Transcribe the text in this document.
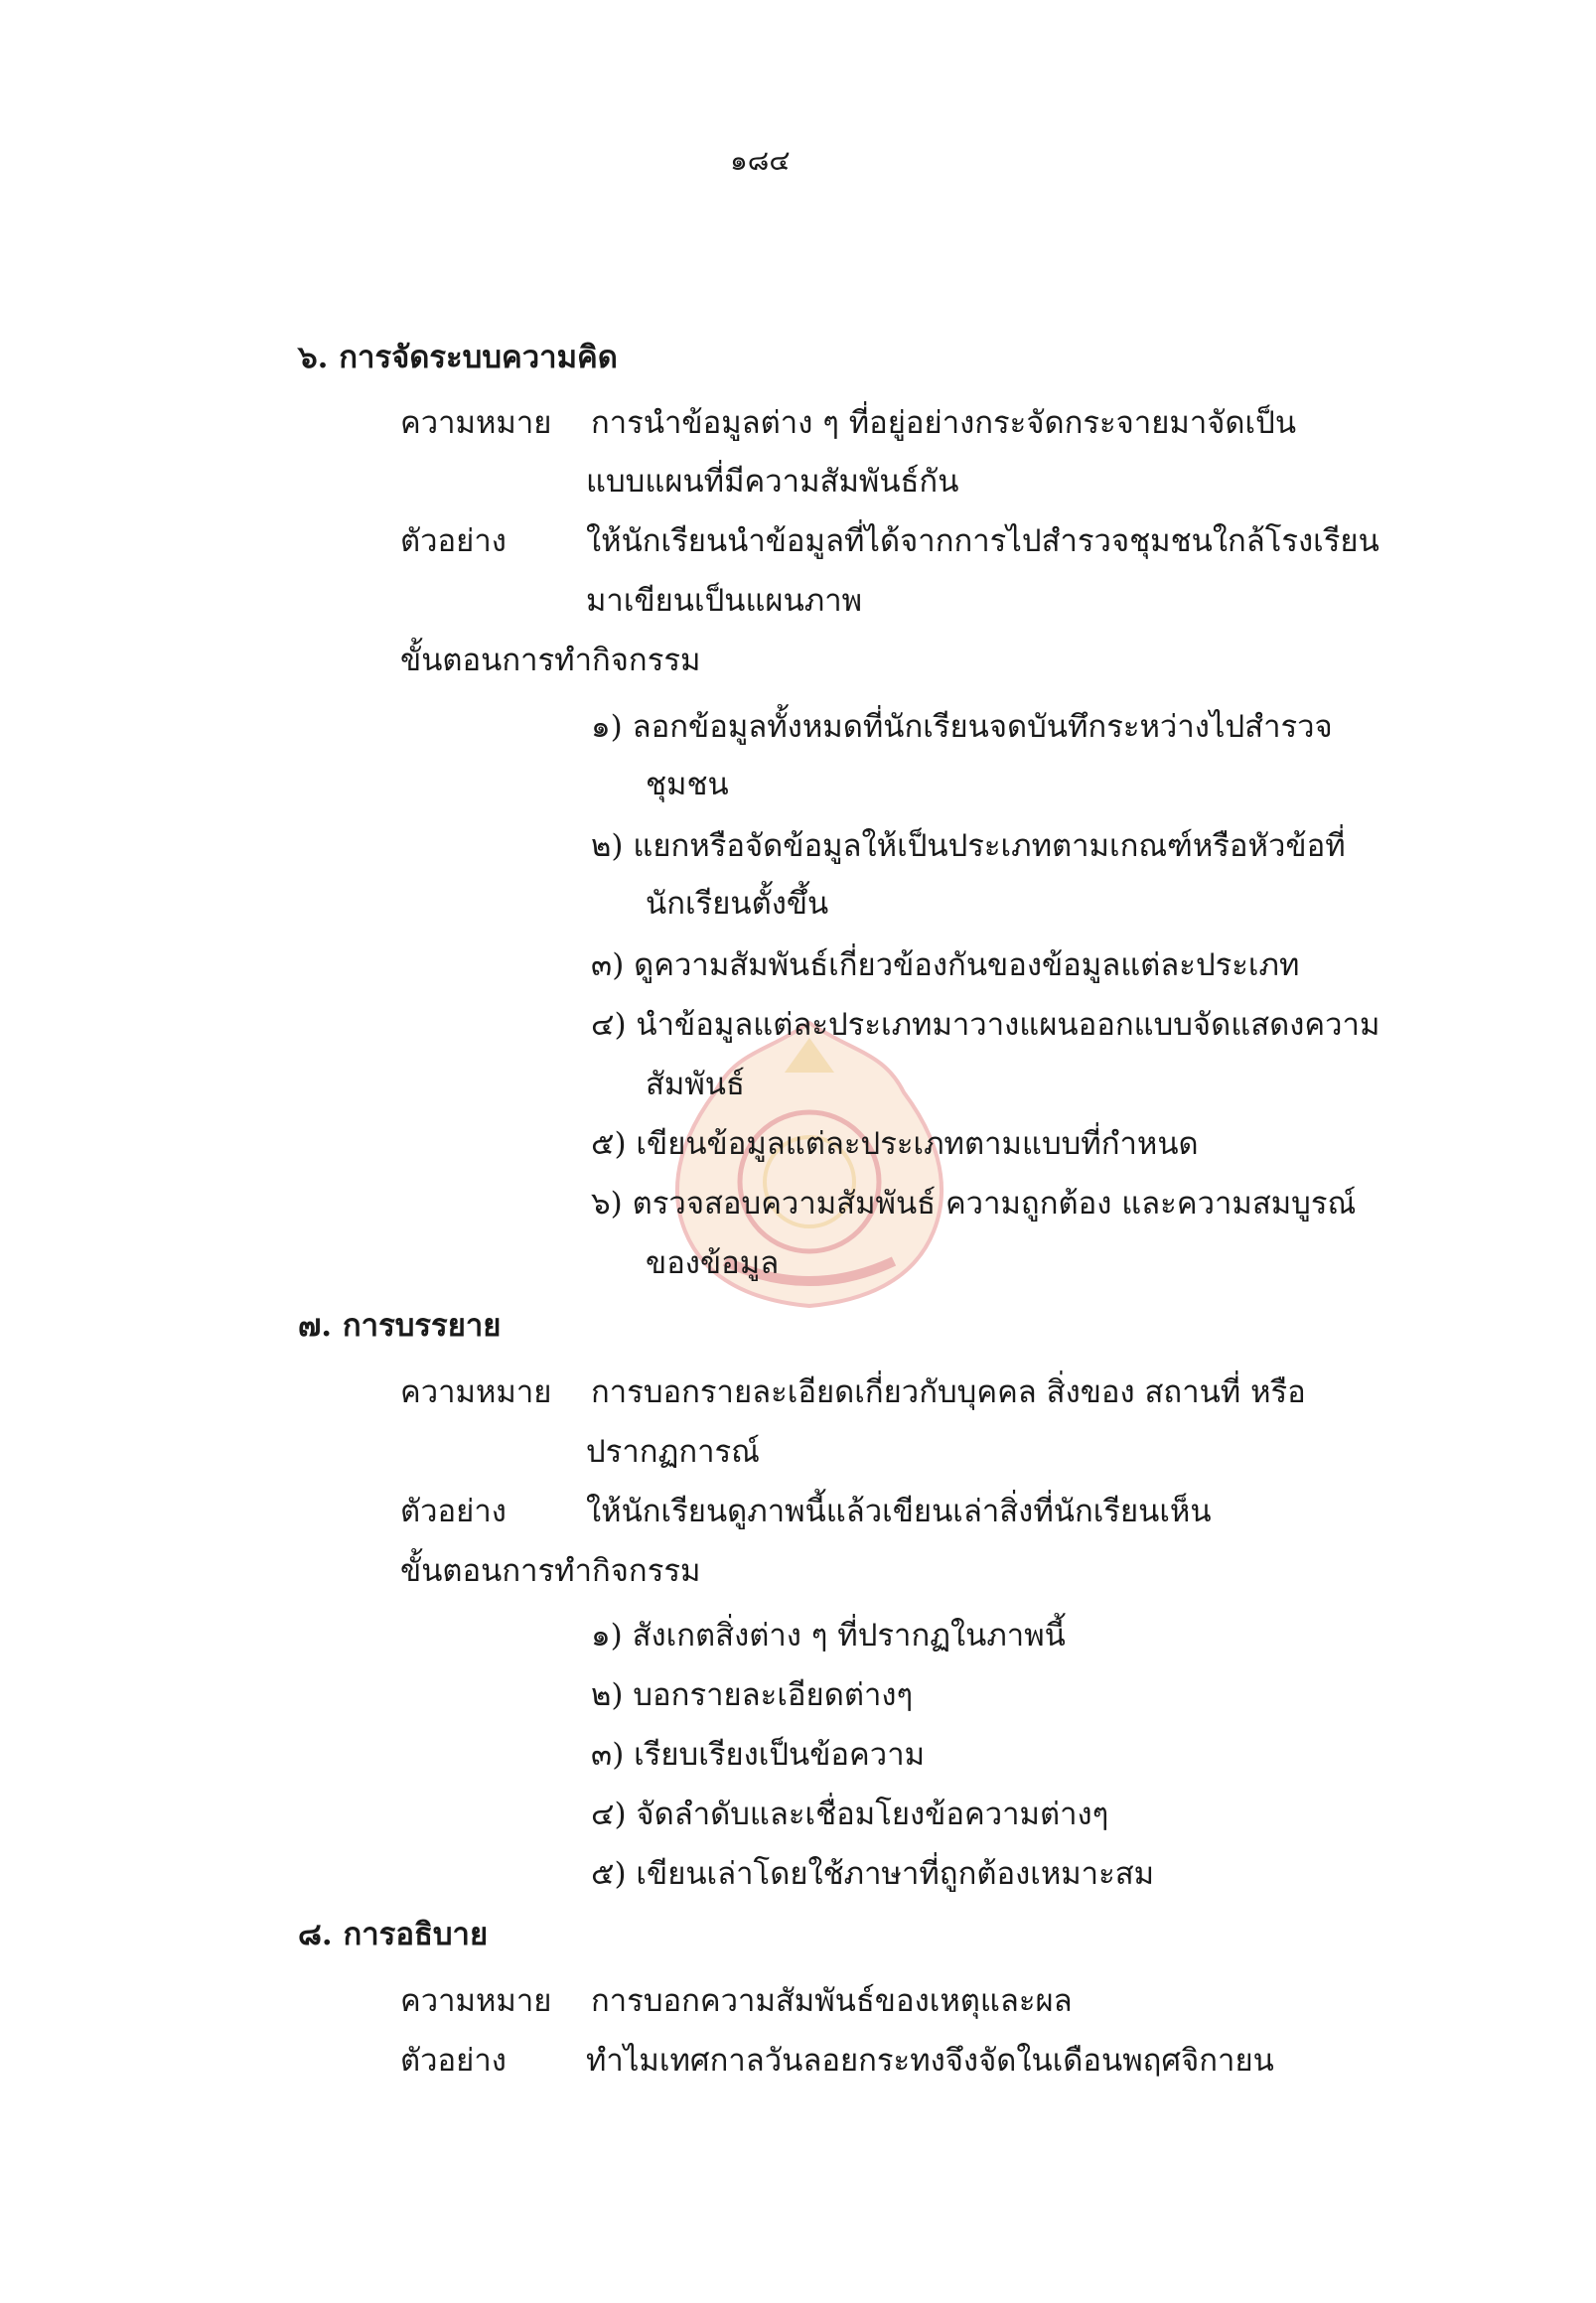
๑๘๔
๖. การจัดระบบความคิด
ความหมาย การนำข้อมูลต่าง ๆ ที่อยู่อย่างกระจัดกระจายมาจัดเป็น
แบบแผนที่มีความสัมพันธ์กัน
ตัวอย่าง	ให้นักเรียนนำข้อมูลที่ได้จากการไปสำรวจชุมชนใกล้โรงเรียน
มาเขียนเป็นแผนภาพ
ขั้นตอนการทำกิจกรรม
๑) ลอกข้อมูลทั้งหมดที่นักเรียนจดบันทึกระหว่างไปสำรวจ
ชุมชน
๒) แยกหรือจัดข้อมูลให้เป็นประเภทตามเกณฑ์หรือหัวข้อที่
นักเรียนตั้งขึ้น
๓) ดูความสัมพันธ์เกี่ยวข้องกันของข้อมูลแต่ละประเภท
๔) นำข้อมูลแต่ละประเภทมาวางแผนออกแบบจัดแสดงความ
สัมพันธ์
๕) เขียนข้อมูลแต่ละประเภทตามแบบที่กำหนด
๖) ตรวจสอบความสัมพันธ์ ความถูกต้อง และความสมบูรณ์
ของข้อมูล
๗. การบรรยาย
ความหมาย การบอกรายละเอียดเกี่ยวกับบุคคล สิ่งของ สถานที่ หรือ
ปรากฏการณ์
ตัวอย่าง	ให้นักเรียนดูภาพนี้แล้วเขียนเล่าสิ่งที่นักเรียนเห็น
ขั้นตอนการทำกิจกรรม
๑) สังเกตสิ่งต่าง ๆ ที่ปรากฏในภาพนี้
๒) บอกรายละเอียดต่างๆ
๓) เรียบเรียงเป็นข้อความ
๔) จัดลำดับและเชื่อมโยงข้อความต่างๆ
๕) เขียนเล่าโดยใช้ภาษาที่ถูกต้องเหมาะสม
๘. การอธิบาย
ความหมาย การบอกความสัมพันธ์ของเหตุและผล
ตัวอย่าง	ทำไมเทศกาลวันลอยกระทงจึงจัดในเดือนพฤศจิกายน
